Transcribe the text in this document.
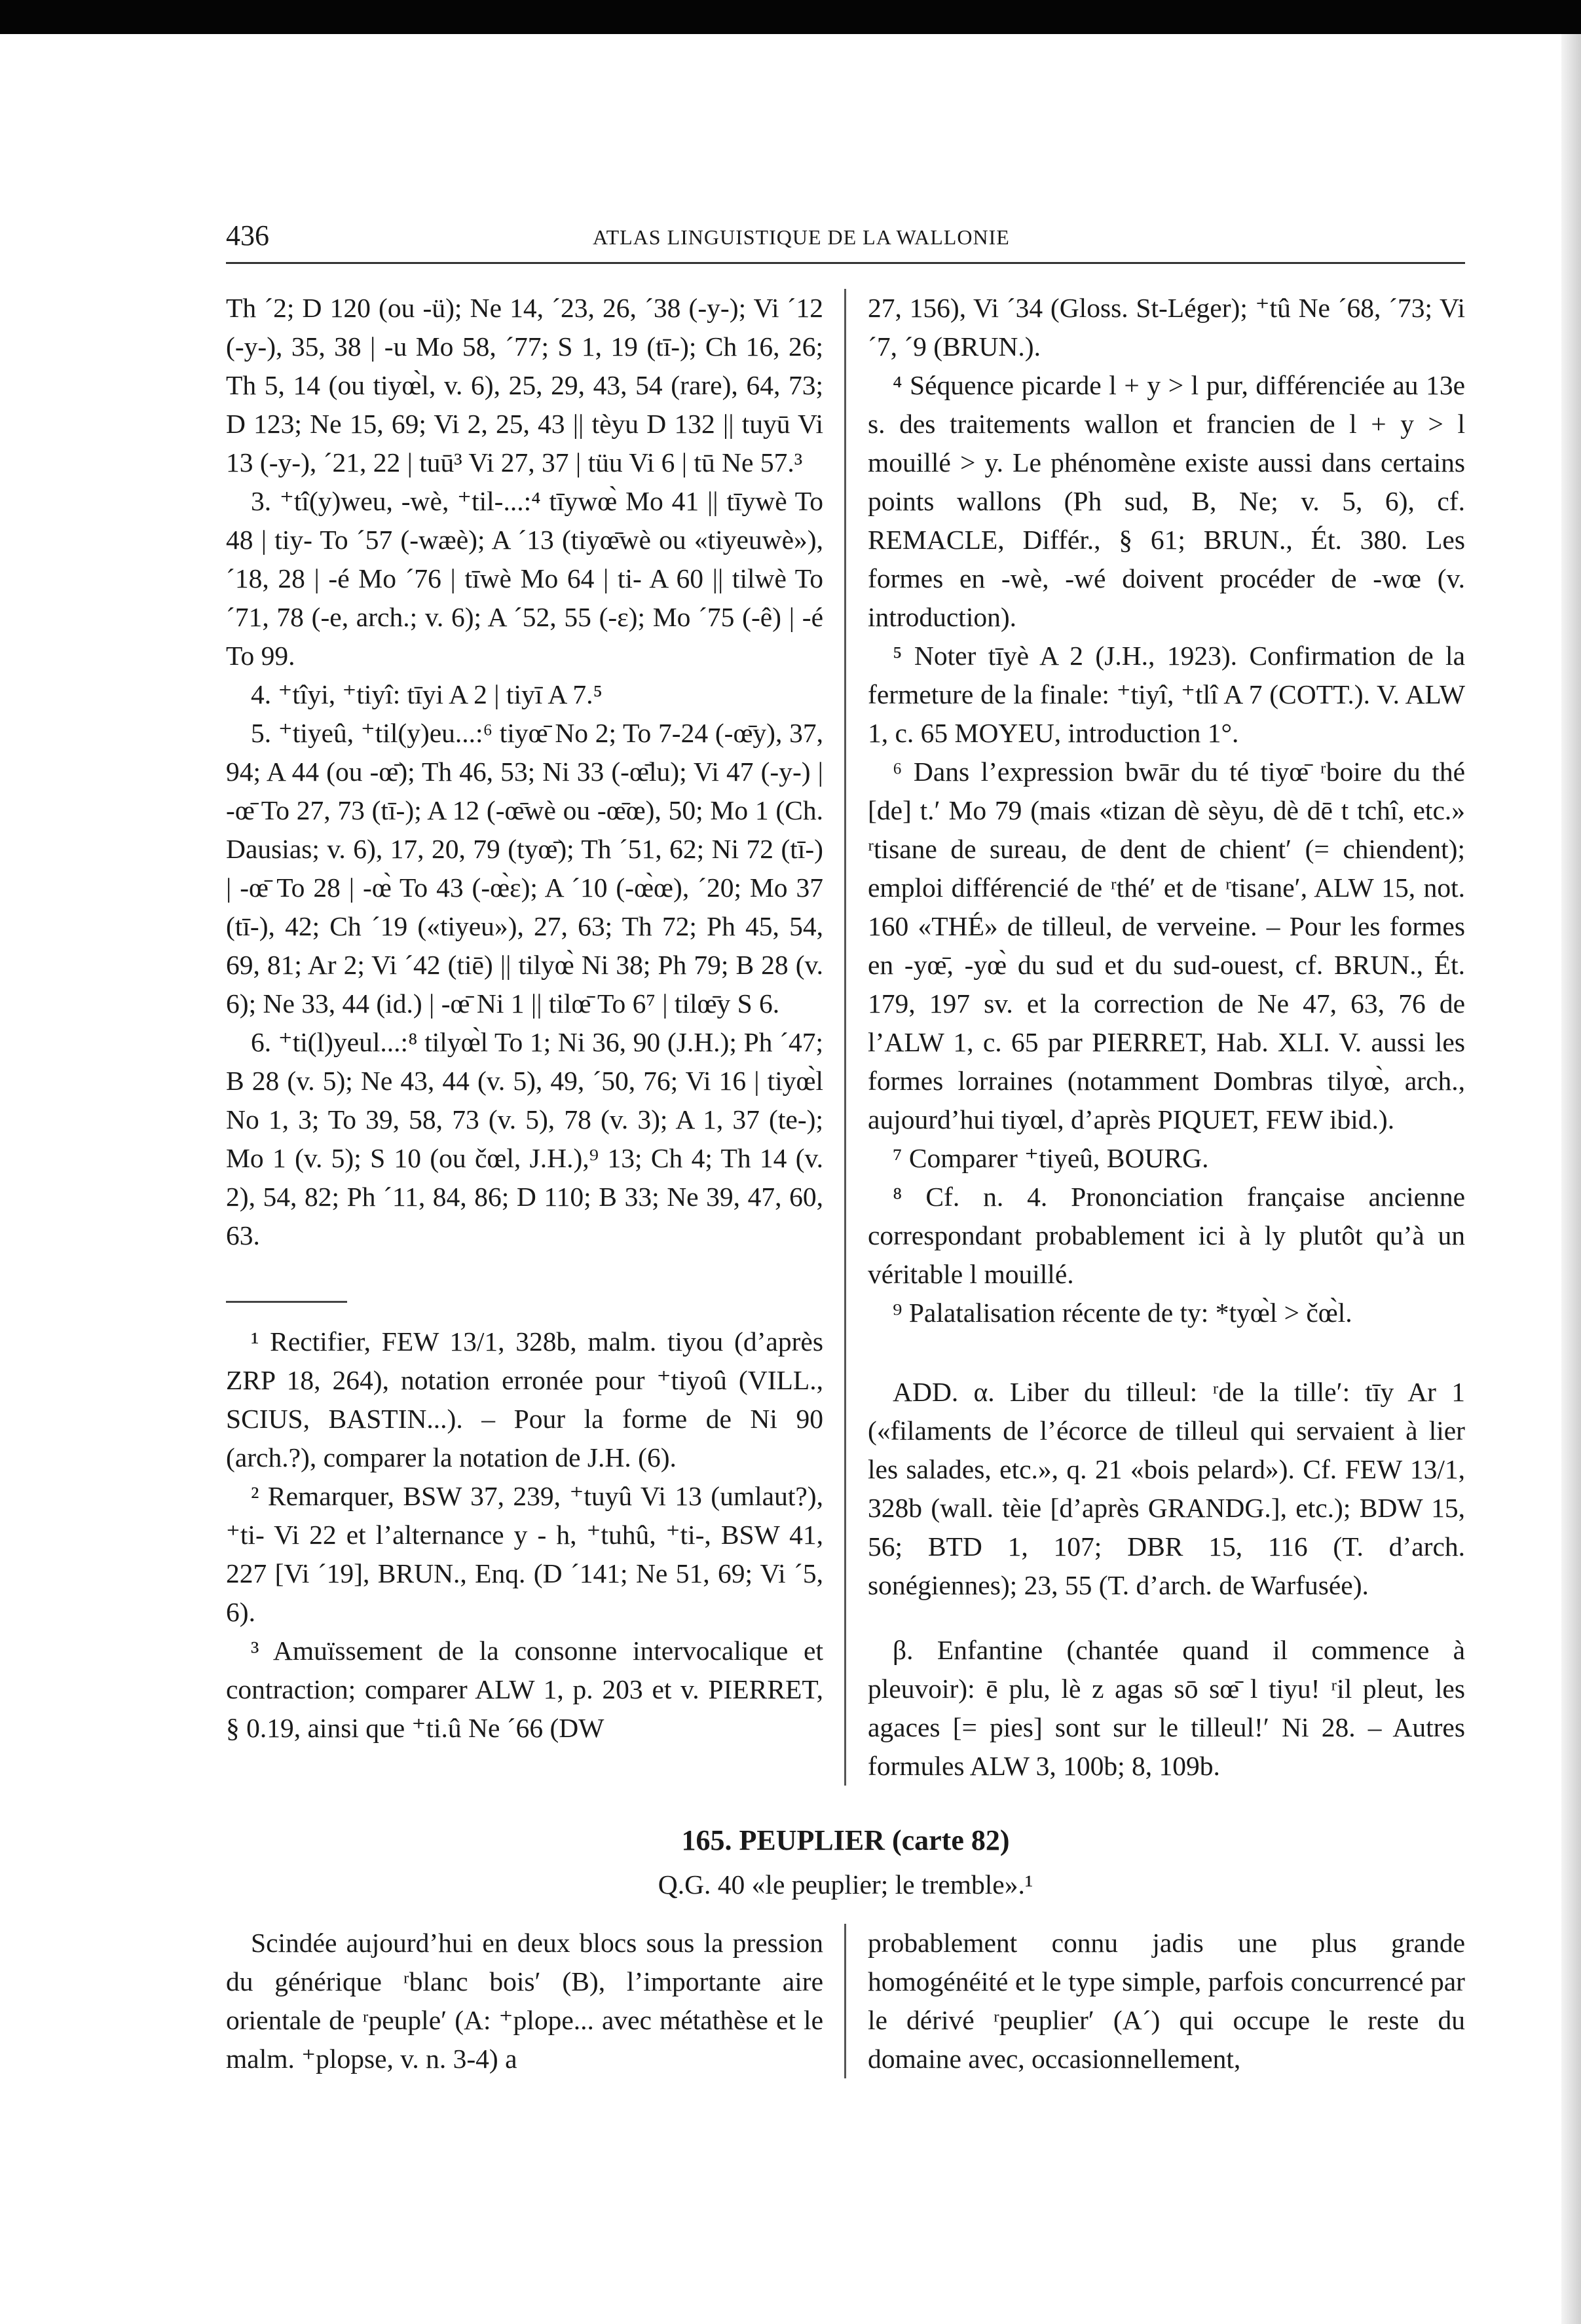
436	ATLAS LINGUISTIQUE DE LA WALLONIE

Th ´2; D 120 (ou -ü); Ne 14, ´23, 26, ´38 (-y-); Vi ´12 (-y-), 35, 38 | -u Mo 58, ´77; S 1, 19 (tī-); Ch 16, 26; Th 5, 14 (ou tiyœ̀l, v. 6), 25, 29, 43, 54 (rare), 64, 73; D 123; Ne 15, 69; Vi 2, 25, 43 || tèyu D 132 || tuyū Vi 13 (-y-), ´21, 22 | tuū³ Vi 27, 37 | tüu Vi 6 | tū Ne 57.³

3. ⁺tî(y)weu, -wè, ⁺til-...:⁴ tīywœ̀ Mo 41 || tīywè To 48 | tiy- To ´57 (-wæè); A ´13 (tiyœ̄wè ou «tiyeuwè»), ´18, 28 | -é Mo ´76 | tīwè Mo 64 | ti- A 60 || tilwè To ´71, 78 (-e, arch.; v. 6); A ´52, 55 (-ɛ); Mo ´75 (-ê) | -é To 99.

4. ⁺tîyi, ⁺tiyî: tīyi A 2 | tiyī A 7.⁵

5. ⁺tiyeû, ⁺til(y)eu...:⁶ tiyœ̄ No 2; To 7-24 (-œ̄y), 37, 94; A 44 (ou -œ̄); Th 46, 53; Ni 33 (-œ̄lu); Vi 47 (-y-) | -œ̄ To 27, 73 (tī-); A 12 (-œ̄wè ou -œ̄œ), 50; Mo 1 (Ch. Dausias; v. 6), 17, 20, 79 (tyœ̄); Th ´51, 62; Ni 72 (tī-) | -œ̄ To 28 | -œ̀ To 43 (-œ̀ɛ); A ´10 (-œ̀œ), ´20; Mo 37 (tī-), 42; Ch ´19 («tiyeu»), 27, 63; Th 72; Ph 45, 54, 69, 81; Ar 2; Vi ´42 (tiē) || tilyœ̀ Ni 38; Ph 79; B 28 (v. 6); Ne 33, 44 (id.) | -œ̄ Ni 1 || tilœ̄ To 6⁷ | tilœ̄y S 6.

6. ⁺ti(l)yeul...:⁸ tilyœ̀l To 1; Ni 36, 90 (J.H.); Ph ´47; B 28 (v. 5); Ne 43, 44 (v. 5), 49, ´50, 76; Vi 16 | tiyœ̀l No 1, 3; To 39, 58, 73 (v. 5), 78 (v. 3); A 1, 37 (te-); Mo 1 (v. 5); S 10 (ou čœl, J.H.),⁹ 13; Ch 4; Th 14 (v. 2), 54, 82; Ph ´11, 84, 86; D 110; B 33; Ne 39, 47, 60, 63.

¹ Rectifier, FEW 13/1, 328b, malm. tiyou (d’après ZRP 18, 264), notation erronée pour ⁺tiyoû (VILL., SCIUS, BASTIN...). – Pour la forme de Ni 90 (arch.?), comparer la notation de J.H. (6).

² Remarquer, BSW 37, 239, ⁺tuyû Vi 13 (umlaut?), ⁺ti- Vi 22 et l’alternance y - h, ⁺tuhû, ⁺ti-, BSW 41, 227 [Vi ´19], BRUN., Enq. (D ´141; Ne 51, 69; Vi ´5, 6).

³ Amuïssement de la consonne intervocalique et contraction; comparer ALW 1, p. 203 et v. PIERRET, § 0.19, ainsi que ⁺ti.û Ne ´66 (DW

27, 156), Vi ´34 (Gloss. St-Léger); ⁺tû Ne ´68, ´73; Vi ´7, ´9 (BRUN.).

⁴ Séquence picarde l + y > l pur, différenciée au 13e s. des traitements wallon et francien de l + y > l mouillé > y. Le phénomène existe aussi dans certains points wallons (Ph sud, B, Ne; v. 5, 6), cf. REMACLE, Différ., § 61; BRUN., Ét. 380. Les formes en -wè, -wé doivent procéder de -wœ (v. introduction).

⁵ Noter tīyè A 2 (J.H., 1923). Confirmation de la fermeture de la finale: ⁺tiyî, ⁺tlî A 7 (COTT.). V. ALW 1, c. 65 MOYEU, introduction 1°.

⁶ Dans l’expression bwār du té tiyœ̄ ʳboire du thé [de] t.ʹ Mo 79 (mais «tizan dè sèyu, dè dē t tchî, etc.» ʳtisane de sureau, de dent de chientʹ (= chiendent); emploi différencié de ʳthéʹ et de ʳtisaneʹ, ALW 15, not. 160 «THÉ» de tilleul, de verveine. – Pour les formes en -yœ̄, -yœ̀ du sud et du sud-ouest, cf. BRUN., Ét. 179, 197 sv. et la correction de Ne 47, 63, 76 de l’ALW 1, c. 65 par PIERRET, Hab. XLI. V. aussi les formes lorraines (notamment Dombras tilyœ̀, arch., aujourd’hui tiyœl, d’après PIQUET, FEW ibid.).

⁷ Comparer ⁺tiyeû, BOURG.

⁸ Cf. n. 4. Prononciation française ancienne correspondant probablement ici à ly plutôt qu’à un véritable l mouillé.

⁹ Palatalisation récente de ty: *tyœ̀l > čœ̀l.

ADD. α. Liber du tilleul: ʳde la tilleʹ: tīy Ar 1 («filaments de l’écorce de tilleul qui servaient à lier les salades, etc.», q. 21 «bois pelard»). Cf. FEW 13/1, 328b (wall. tèie [d’après GRANDG.], etc.); BDW 15, 56; BTD 1, 107; DBR 15, 116 (T. d’arch. sonégiennes); 23, 55 (T. d’arch. de Warfusée).

β. Enfantine (chantée quand il commence à pleuvoir): ē plu, lè z agas sō sœ̄ l tiyu! ʳil pleut, les agaces [= pies] sont sur le tilleul!ʹ Ni 28. – Autres formules ALW 3, 100b; 8, 109b.

165. PEUPLIER (carte 82)
Q.G. 40 «le peuplier; le tremble».¹

Scindée aujourd’hui en deux blocs sous la pression du générique ʳblanc boisʹ (B), l’importante aire orientale de ʳpeupleʹ (A: ⁺plope... avec métathèse et le malm. ⁺plopse, v. n. 3-4) a

probablement connu jadis une plus grande homogénéité et le type simple, parfois concurrencé par le dérivé ʳpeuplierʹ (A´) qui occupe le reste du domaine avec, occasionnellement,
